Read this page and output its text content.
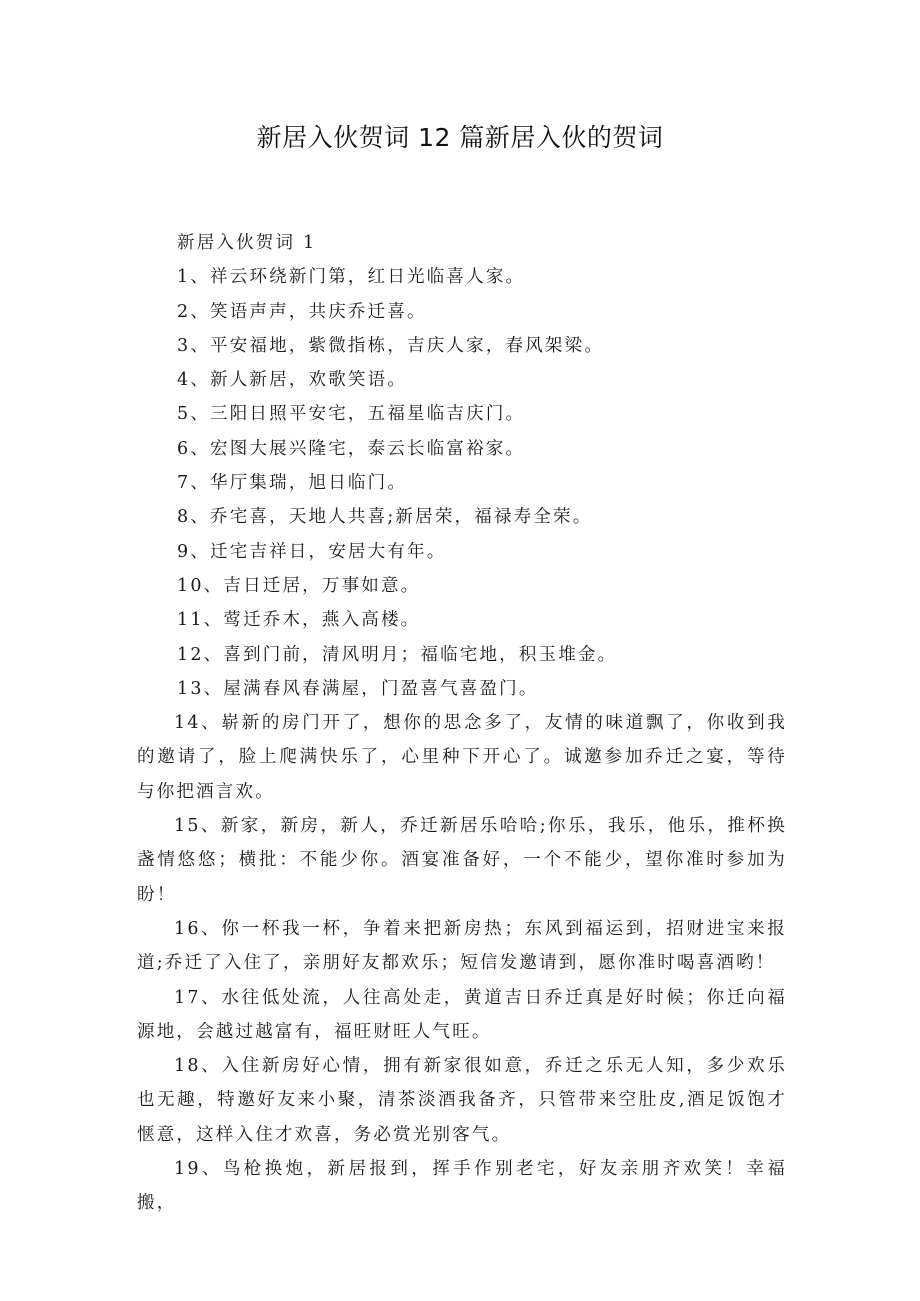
新居入伙贺词 12 篇新居入伙的贺词

新居入伙贺词 1

1、祥云环绕新门第，红日光临喜人家。

2、笑语声声，共庆乔迁喜。

3、平安福地，紫微指栋，吉庆人家，春风架梁。

4、新人新居，欢歌笑语。

5、三阳日照平安宅，五福星临吉庆门。

6、宏图大展兴隆宅，泰云长临富裕家。

7、华厅集瑞，旭日临门。

8、乔宅喜，天地人共喜;新居荣，福禄寿全荣。

9、迁宅吉祥日，安居大有年。

10、吉日迁居，万事如意。

11、莺迁乔木，燕入高楼。

12、喜到门前，清风明月；福临宅地，积玉堆金。

13、屋满春风春满屋，门盈喜气喜盈门。

14、崭新的房门开了，想你的思念多了，友情的味道飘了，你收到我的邀请了，脸上爬满快乐了，心里种下开心了。诚邀参加乔迁之宴，等待与你把酒言欢。

15、新家，新房，新人，乔迁新居乐哈哈;你乐，我乐，他乐，推杯换盏情悠悠；横批：不能少你。酒宴准备好，一个不能少，望你准时参加为盼！

16、你一杯我一杯，争着来把新房热；东风到福运到，招财进宝来报道;乔迁了入住了，亲朋好友都欢乐；短信发邀请到，愿你准时喝喜酒哟！

17、水往低处流，人往高处走，黄道吉日乔迁真是好时候；你迁向福源地，会越过越富有，福旺财旺人气旺。

18、入住新房好心情，拥有新家很如意，乔迁之乐无人知，多少欢乐也无趣，特邀好友来小聚，清茶淡酒我备齐，只管带来空肚皮,酒足饭饱才惬意，这样入住才欢喜，务必赏光别客气。

19、鸟枪换炮，新居报到，挥手作别老宅，好友亲朋齐欢笑！幸福搬，
